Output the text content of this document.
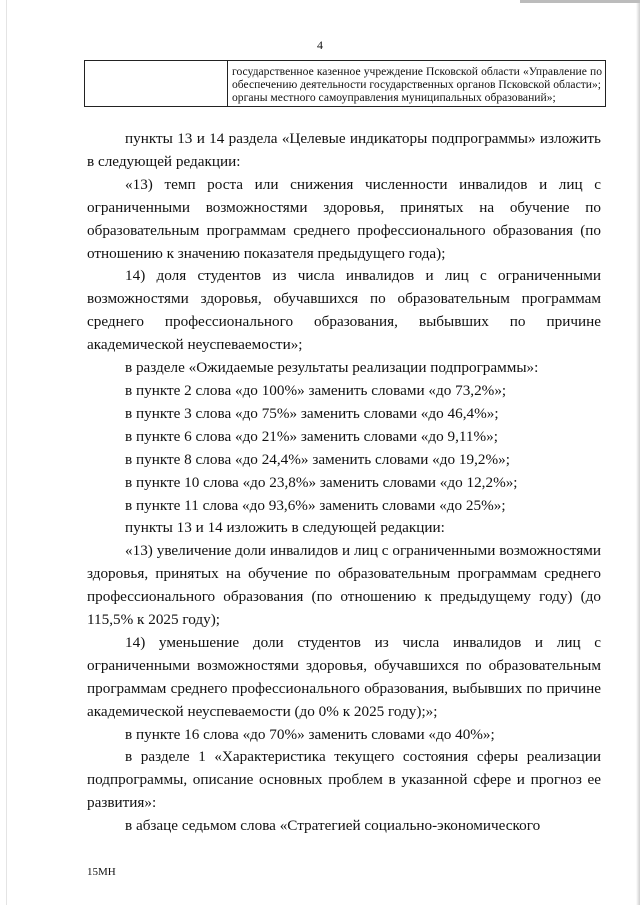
4

государственное казенное учреждение Псковской области «Управление по обеспечению деятельности государственных органов Псковской области»;
органы местного самоуправления муниципальных образований»;

пункты 13 и 14 раздела «Целевые индикаторы подпрограммы» изложить в следующей редакции:

«13) темп роста или снижения численности инвалидов и лиц с ограниченными возможностями здоровья, принятых на обучение по образовательным программам среднего профессионального образования (по отношению к значению показателя предыдущего года);

14) доля студентов из числа инвалидов и лиц с ограниченными возможностями здоровья, обучавшихся по образовательным программам среднего профессионального образования, выбывших по причине академической неуспеваемости»;

в разделе «Ожидаемые результаты реализации подпрограммы»:

в пункте 2 слова «до 100%» заменить словами «до 73,2%»;

в пункте 3 слова «до 75%» заменить словами «до 46,4%»;

в пункте 6 слова «до 21%» заменить словами «до 9,11%»;

в пункте 8 слова «до 24,4%» заменить словами «до 19,2%»;

в пункте 10 слова «до 23,8%» заменить словами «до 12,2%»;

в пункте 11 слова «до 93,6%» заменить словами «до 25%»;

пункты 13 и 14 изложить в следующей редакции:

«13) увеличение доли инвалидов и лиц с ограниченными возможностями здоровья, принятых на обучение по образовательным программам среднего профессионального образования (по отношению к предыдущему году) (до 115,5% к 2025 году);

14) уменьшение доли студентов из числа инвалидов и лиц с ограниченными возможностями здоровья, обучавшихся по образовательным программам среднего профессионального образования, выбывших по причине академической неуспеваемости (до 0% к 2025 году);»;

в пункте 16 слова «до 70%» заменить словами «до 40%»;

в разделе 1 «Характеристика текущего состояния сферы реализации подпрограммы, описание основных проблем в указанной сфере и прогноз ее развития»:

в абзаце седьмом слова «Стратегией социально-экономического

15МН
